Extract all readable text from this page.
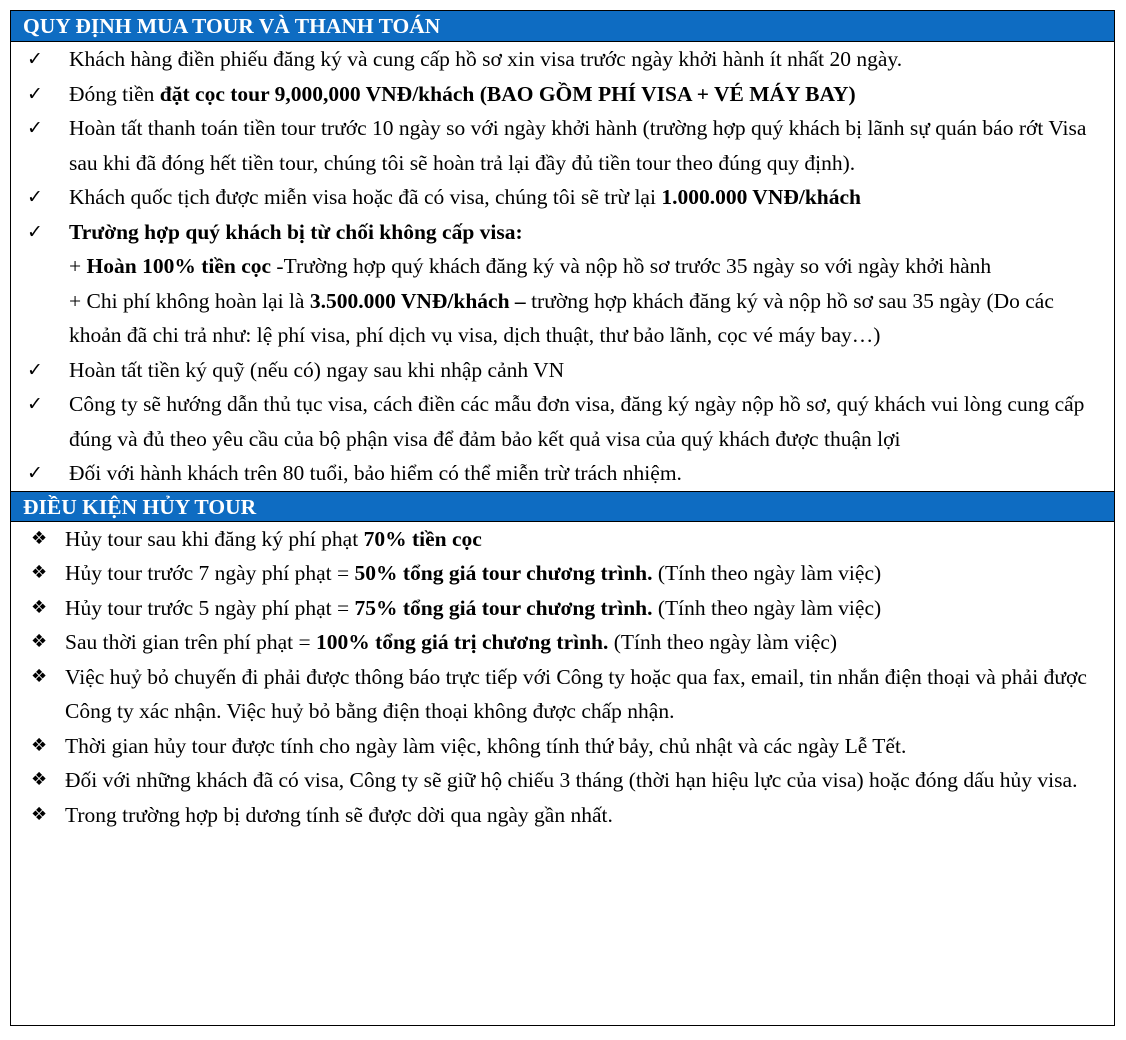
QUY ĐỊNH MUA TOUR VÀ THANH TOÁN
✓	Khách hàng điền phiếu đăng ký và cung cấp hồ sơ xin visa trước ngày khởi hành ít nhất 20 ngày.
✓	Đóng tiền đặt cọc tour 9,000,000 VNĐ/khách (BAO GỒM PHÍ VISA + VÉ MÁY BAY)
✓	Hoàn tất thanh toán tiền tour trước 10 ngày so với ngày khởi hành (trường hợp quý khách bị lãnh sự quán báo rớt Visa sau khi đã đóng hết tiền tour, chúng tôi sẽ hoàn trả lại đầy đủ tiền tour theo đúng quy định).
✓	Khách quốc tịch được miễn visa hoặc đã có visa, chúng tôi sẽ trừ lại 1.000.000 VNĐ/khách
✓	Trường hợp quý khách bị từ chối không cấp visa:
+ Hoàn 100% tiền cọc -Trường hợp quý khách đăng ký và nộp hồ sơ trước 35 ngày so với ngày khởi hành
+ Chi phí không hoàn lại là 3.500.000 VNĐ/khách – trường hợp khách đăng ký và nộp hồ sơ sau 35 ngày (Do các khoản đã chi trả như: lệ phí visa, phí dịch vụ visa, dịch thuật, thư bảo lãnh, cọc vé máy bay…)
✓	Hoàn tất tiền ký quỹ (nếu có) ngay sau khi nhập cảnh VN
✓	Công ty sẽ hướng dẫn thủ tục visa, cách điền các mẫu đơn visa, đăng ký ngày nộp hồ sơ, quý khách vui lòng cung cấp đúng và đủ theo yêu cầu của bộ phận visa để đảm bảo kết quả visa của quý khách được thuận lợi
✓	Đối với hành khách trên 80 tuổi, bảo hiểm có thể miễn trừ trách nhiệm.
ĐIỀU KIỆN HỦY TOUR
❖ Hủy tour sau khi đăng ký phí phạt 70% tiền cọc
❖ Hủy tour trước 7 ngày phí phạt = 50% tổng giá tour chương trình. (Tính theo ngày làm việc)
❖ Hủy tour trước 5 ngày phí phạt = 75% tổng giá tour chương trình. (Tính theo ngày làm việc)
❖ Sau thời gian trên phí phạt = 100% tổng giá trị chương trình. (Tính theo ngày làm việc)
❖ Việc huỷ bỏ chuyến đi phải được thông báo trực tiếp với Công ty hoặc qua fax, email, tin nhắn điện thoại và phải được Công ty xác nhận. Việc huỷ bỏ bằng điện thoại không được chấp nhận.
❖ Thời gian hủy tour được tính cho ngày làm việc, không tính thứ bảy, chủ nhật và các ngày Lễ Tết.
❖ Đối với những khách đã có visa, Công ty sẽ giữ hộ chiếu 3 tháng (thời hạn hiệu lực của visa) hoặc đóng dấu hủy visa.
❖ Trong trường hợp bị dương tính sẽ được dời qua ngày gần nhất.
